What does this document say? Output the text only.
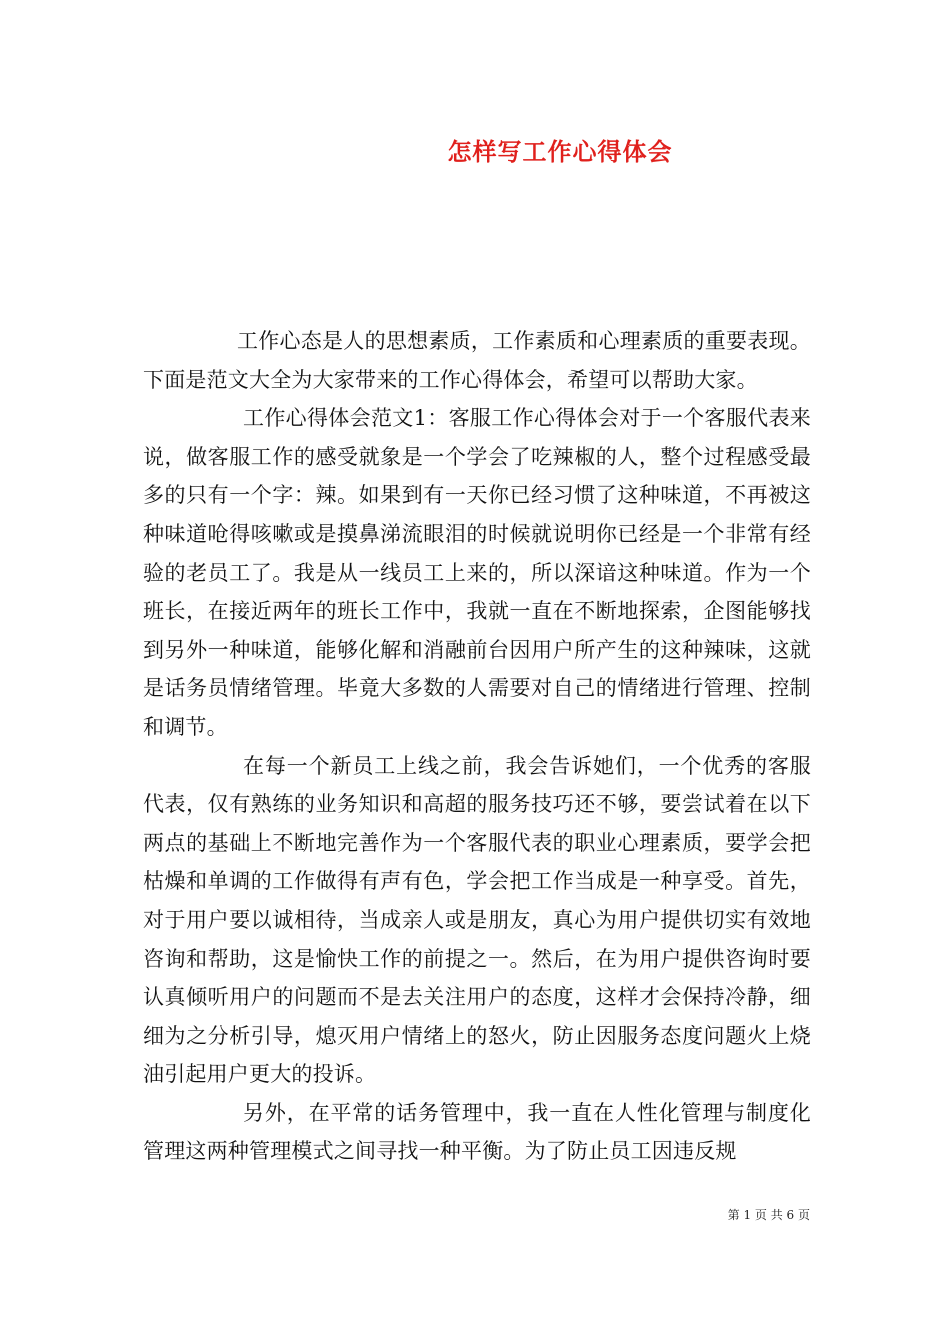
怎样写工作心得体会

工作心态是人的思想素质，工作素质和心理素质的重要表现。下面是范文大全为大家带来的工作心得体会，希望可以帮助大家。

工作心得体会范文1：客服工作心得体会对于一个客服代表来说，做客服工作的感受就象是一个学会了吃辣椒的人，整个过程感受最多的只有一个字：辣。如果到有一天你已经习惯了这种味道，不再被这种味道呛得咳嗽或是摸鼻涕流眼泪的时候就说明你已经是一个非常有经验的老员工了。我是从一线员工上来的，所以深谙这种味道。作为一个班长，在接近两年的班长工作中，我就一直在不断地探索，企图能够找到另外一种味道，能够化解和消融前台因用户所产生的这种辣味，这就是话务员情绪管理。毕竟大多数的人需要对自己的情绪进行管理、控制和调节。

在每一个新员工上线之前，我会告诉她们，一个优秀的客服代表，仅有熟练的业务知识和高超的服务技巧还不够，要尝试着在以下两点的基础上不断地完善作为一个客服代表的职业心理素质，要学会把枯燥和单调的工作做得有声有色，学会把工作当成是一种享受。首先，对于用户要以诚相待，当成亲人或是朋友，真心为用户提供切实有效地咨询和帮助，这是愉快工作的前提之一。然后，在为用户提供咨询时要认真倾听用户的问题而不是去关注用户的态度，这样才会保持冷静，细细为之分析引导，熄灭用户情绪上的怒火，防止因服务态度问题火上烧油引起用户更大的投诉。

另外，在平常的话务管理中，我一直在人性化管理与制度化管理这两种管理模式之间寻找一种平衡。为了防止员工因违反规

第 1 页 共 6 页
